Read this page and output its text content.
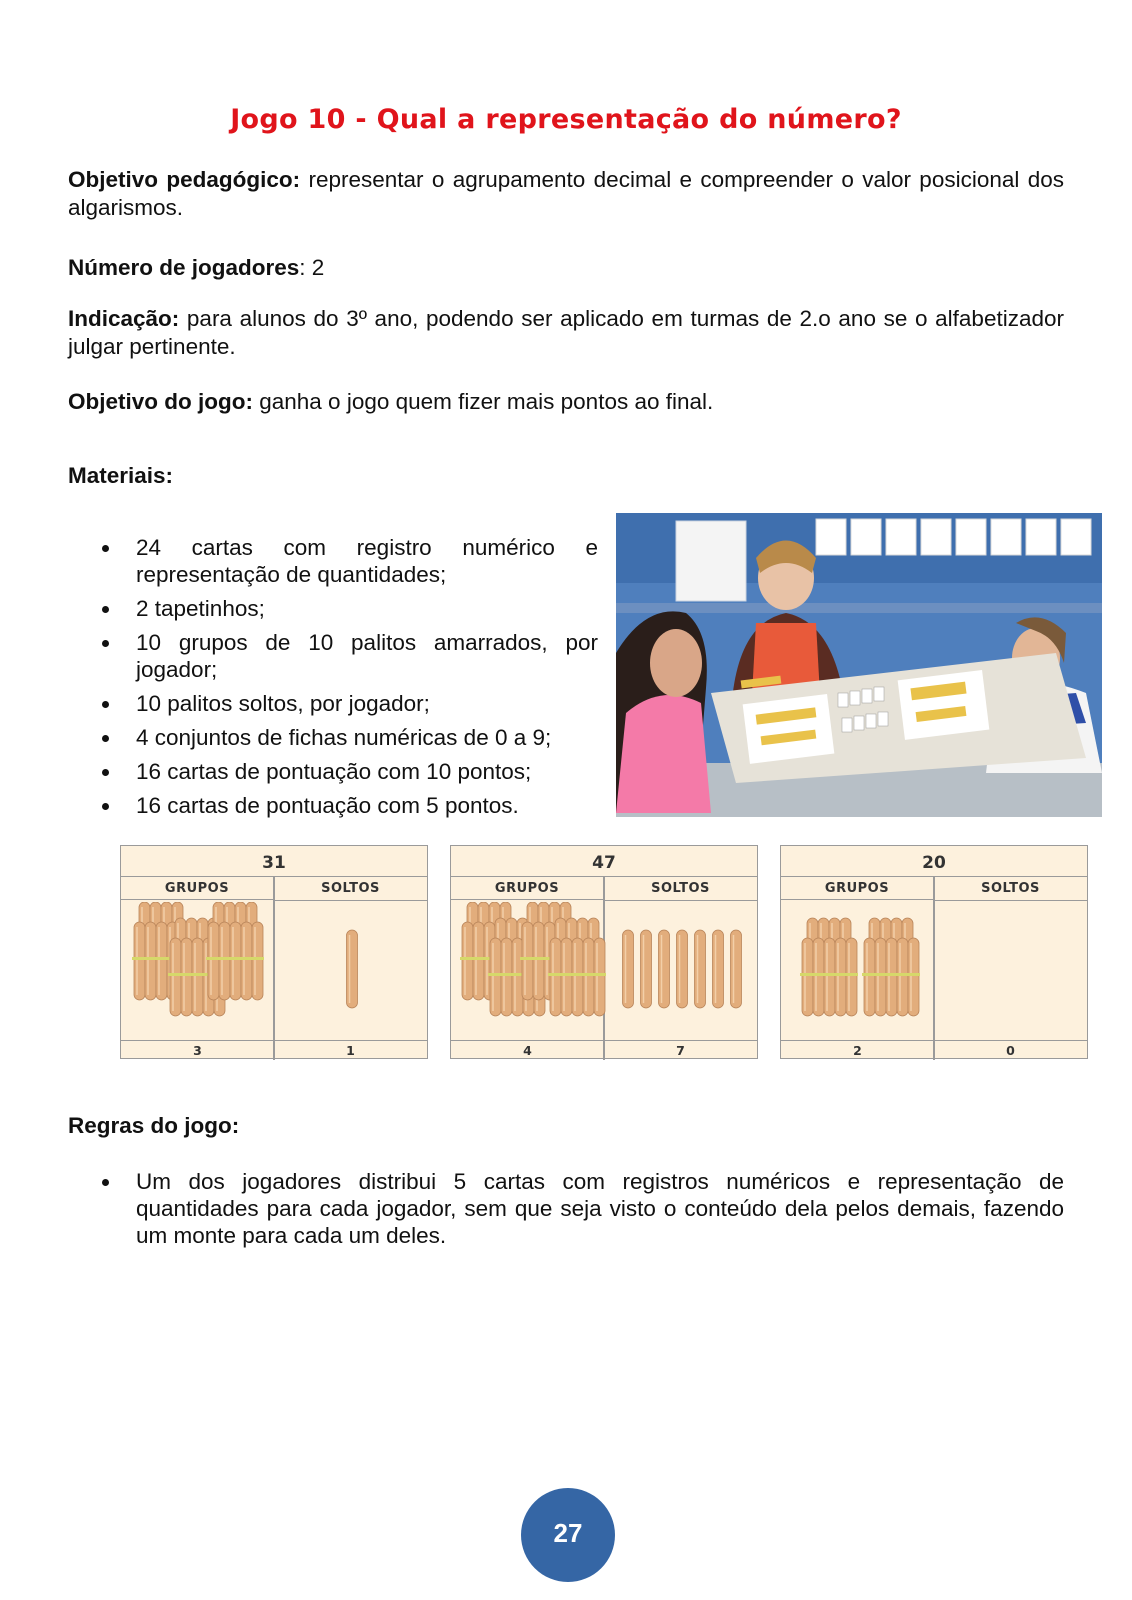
Jogo 10 - Qual a representação do número?
Objetivo pedagógico: representar o agrupamento decimal e compreender o valor posicional dos algarismos.
Número de jogadores: 2
Indicação: para alunos do 3º ano, podendo ser aplicado em turmas de 2.o ano se o alfabetizador julgar pertinente.
Objetivo do jogo: ganha o jogo quem fizer mais pontos ao final.
Materiais:
24 cartas com registro numérico e representação de quantidades;
2 tapetinhos;
10 grupos de 10 palitos amarrados, por jogador;
10 palitos soltos, por jogador;
4 conjuntos de fichas numéricas de 0 a 9;
16 cartas de pontuação com 10 pontos;
16 cartas de pontuação com 5 pontos.
31
GRUPOS	SOLTOS
3	1
47
GRUPOS	SOLTOS
4	7
20
GRUPOS	SOLTOS
2	0
Regras do jogo:
Um dos jogadores distribui 5 cartas com registros numéricos e representação de quantidades para cada jogador, sem que seja visto o conteúdo dela pelos demais, fazendo um monte para cada um deles.
27
